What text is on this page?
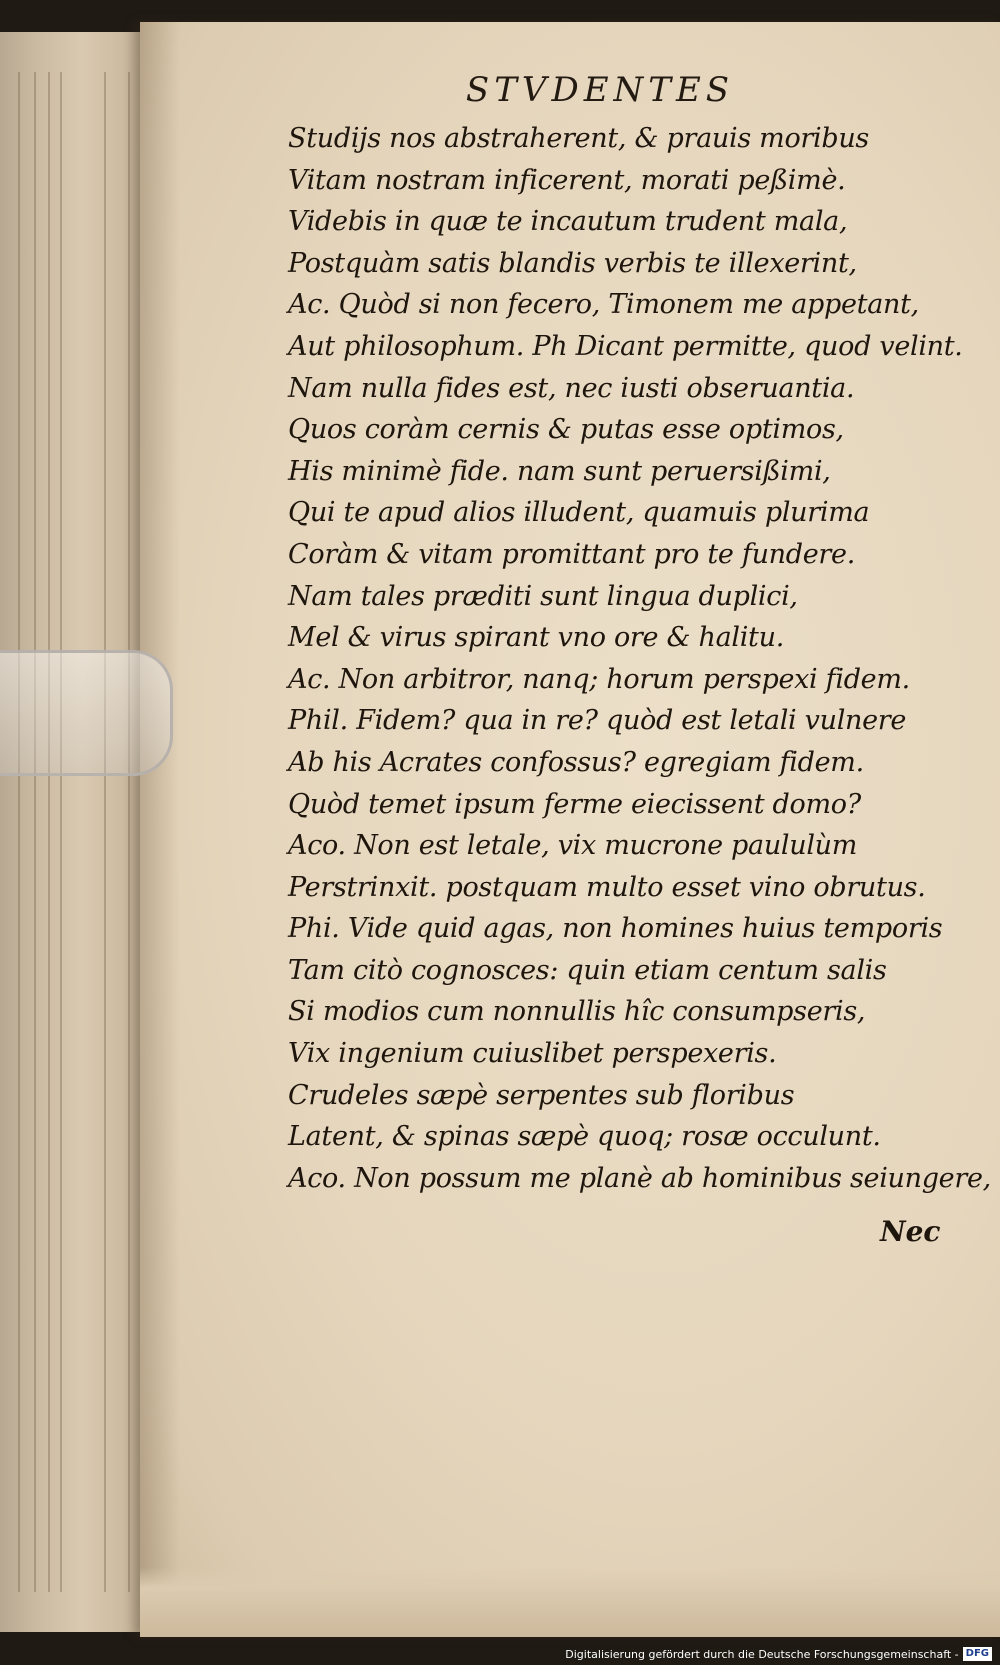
STVDENTES
Studijs nos abstraherent, & prauis moribus
Vitam nostram inficerent, morati peßimè.
Videbis in quæ te incautum trudent mala,
Postquàm satis blandis verbis te illexerint,
Ac. Quòd si non fecero, Timonem me appetant,
Aut philosophum. Ph Dicant permitte, quod velint.
Nam nulla fides est, nec iusti obseruantia.
Quos coràm cernis & putas esse optimos,
His minimè fide. nam sunt peruersißimi,
Qui te apud alios illudent, quamuis plurima
Coràm & vitam promittant pro te fundere.
Nam tales præditi sunt lingua duplici,
Mel & virus spirant vno ore & halitu.
Ac. Non arbitror, nanq; horum perspexi fidem.
Phil. Fidem? qua in re? quòd est letali vulnere
Ab his Acrates confossus? egregiam fidem.
Quòd temet ipsum ferme eiecissent domo?
Aco. Non est letale, vix mucrone paululùm
Perstrinxit. postquam multo esset vino obrutus.
Phi. Vide quid agas, non homines huius temporis
Tam citò cognosces: quin etiam centum salis
Si modios cum nonnullis hîc consumpseris,
Vix ingenium cuiuslibet perspexeris.
Crudeles sæpè serpentes sub floribus
Latent, & spinas sæpè quoq; rosæ occulunt.
Aco. Non possum me planè ab hominibus seiungere,
Nec
Digitalisierung gefördert durch die Deutsche Forschungsgemeinschaft - DFG
